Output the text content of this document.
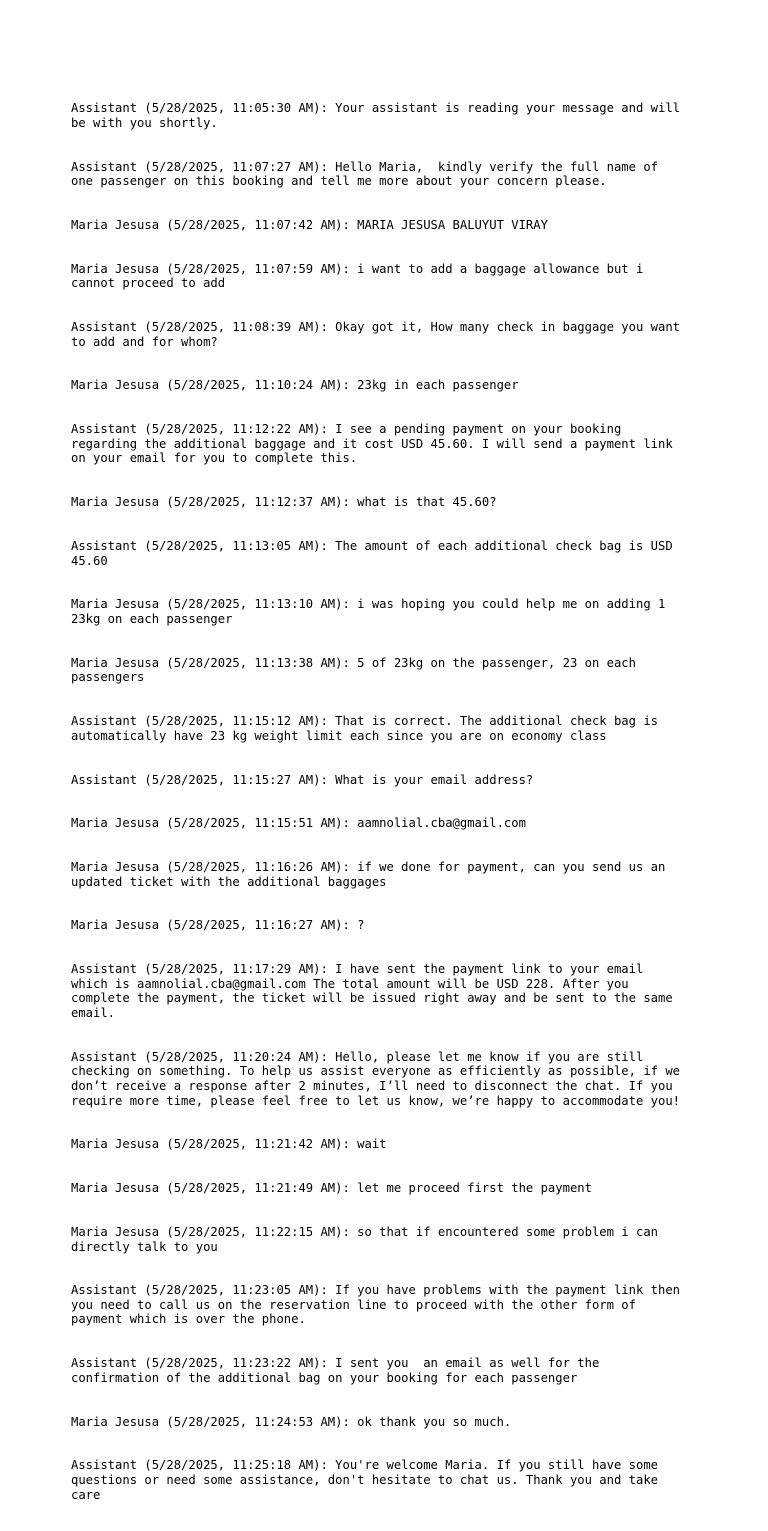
Assistant (5/28/2025, 11:05:30 AM): Your assistant is reading your message and will
be with you shortly.

Assistant (5/28/2025, 11:07:27 AM): Hello Maria,  kindly verify the full name of
one passenger on this booking and tell me more about your concern please.

Maria Jesusa (5/28/2025, 11:07:42 AM): MARIA JESUSA BALUYUT VIRAY

Maria Jesusa (5/28/2025, 11:07:59 AM): i want to add a baggage allowance but i
cannot proceed to add

Assistant (5/28/2025, 11:08:39 AM): Okay got it, How many check in baggage you want
to add and for whom?

Maria Jesusa (5/28/2025, 11:10:24 AM): 23kg in each passenger

Assistant (5/28/2025, 11:12:22 AM): I see a pending payment on your booking
regarding the additional baggage and it cost USD 45.60. I will send a payment link
on your email for you to complete this.

Maria Jesusa (5/28/2025, 11:12:37 AM): what is that 45.60?

Assistant (5/28/2025, 11:13:05 AM): The amount of each additional check bag is USD
45.60

Maria Jesusa (5/28/2025, 11:13:10 AM): i was hoping you could help me on adding 1
23kg on each passenger

Maria Jesusa (5/28/2025, 11:13:38 AM): 5 of 23kg on the passenger, 23 on each
passengers

Assistant (5/28/2025, 11:15:12 AM): That is correct. The additional check bag is
automatically have 23 kg weight limit each since you are on economy class

Assistant (5/28/2025, 11:15:27 AM): What is your email address?

Maria Jesusa (5/28/2025, 11:15:51 AM): aamnolial.cba@gmail.com

Maria Jesusa (5/28/2025, 11:16:26 AM): if we done for payment, can you send us an
updated ticket with the additional baggages

Maria Jesusa (5/28/2025, 11:16:27 AM): ?

Assistant (5/28/2025, 11:17:29 AM): I have sent the payment link to your email
which is aamnolial.cba@gmail.com The total amount will be USD 228. After you
complete the payment, the ticket will be issued right away and be sent to the same
email.

Assistant (5/28/2025, 11:20:24 AM): Hello, please let me know if you are still
checking on something. To help us assist everyone as efficiently as possible, if we
don’t receive a response after 2 minutes, I’ll need to disconnect the chat. If you
require more time, please feel free to let us know, we’re happy to accommodate you!

Maria Jesusa (5/28/2025, 11:21:42 AM): wait

Maria Jesusa (5/28/2025, 11:21:49 AM): let me proceed first the payment

Maria Jesusa (5/28/2025, 11:22:15 AM): so that if encountered some problem i can
directly talk to you

Assistant (5/28/2025, 11:23:05 AM): If you have problems with the payment link then
you need to call us on the reservation line to proceed with the other form of
payment which is over the phone.

Assistant (5/28/2025, 11:23:22 AM): I sent you  an email as well for the
confirmation of the additional bag on your booking for each passenger

Maria Jesusa (5/28/2025, 11:24:53 AM): ok thank you so much.

Assistant (5/28/2025, 11:25:18 AM): You're welcome Maria. If you still have some
questions or need some assistance, don't hesitate to chat us. Thank you and take
care
